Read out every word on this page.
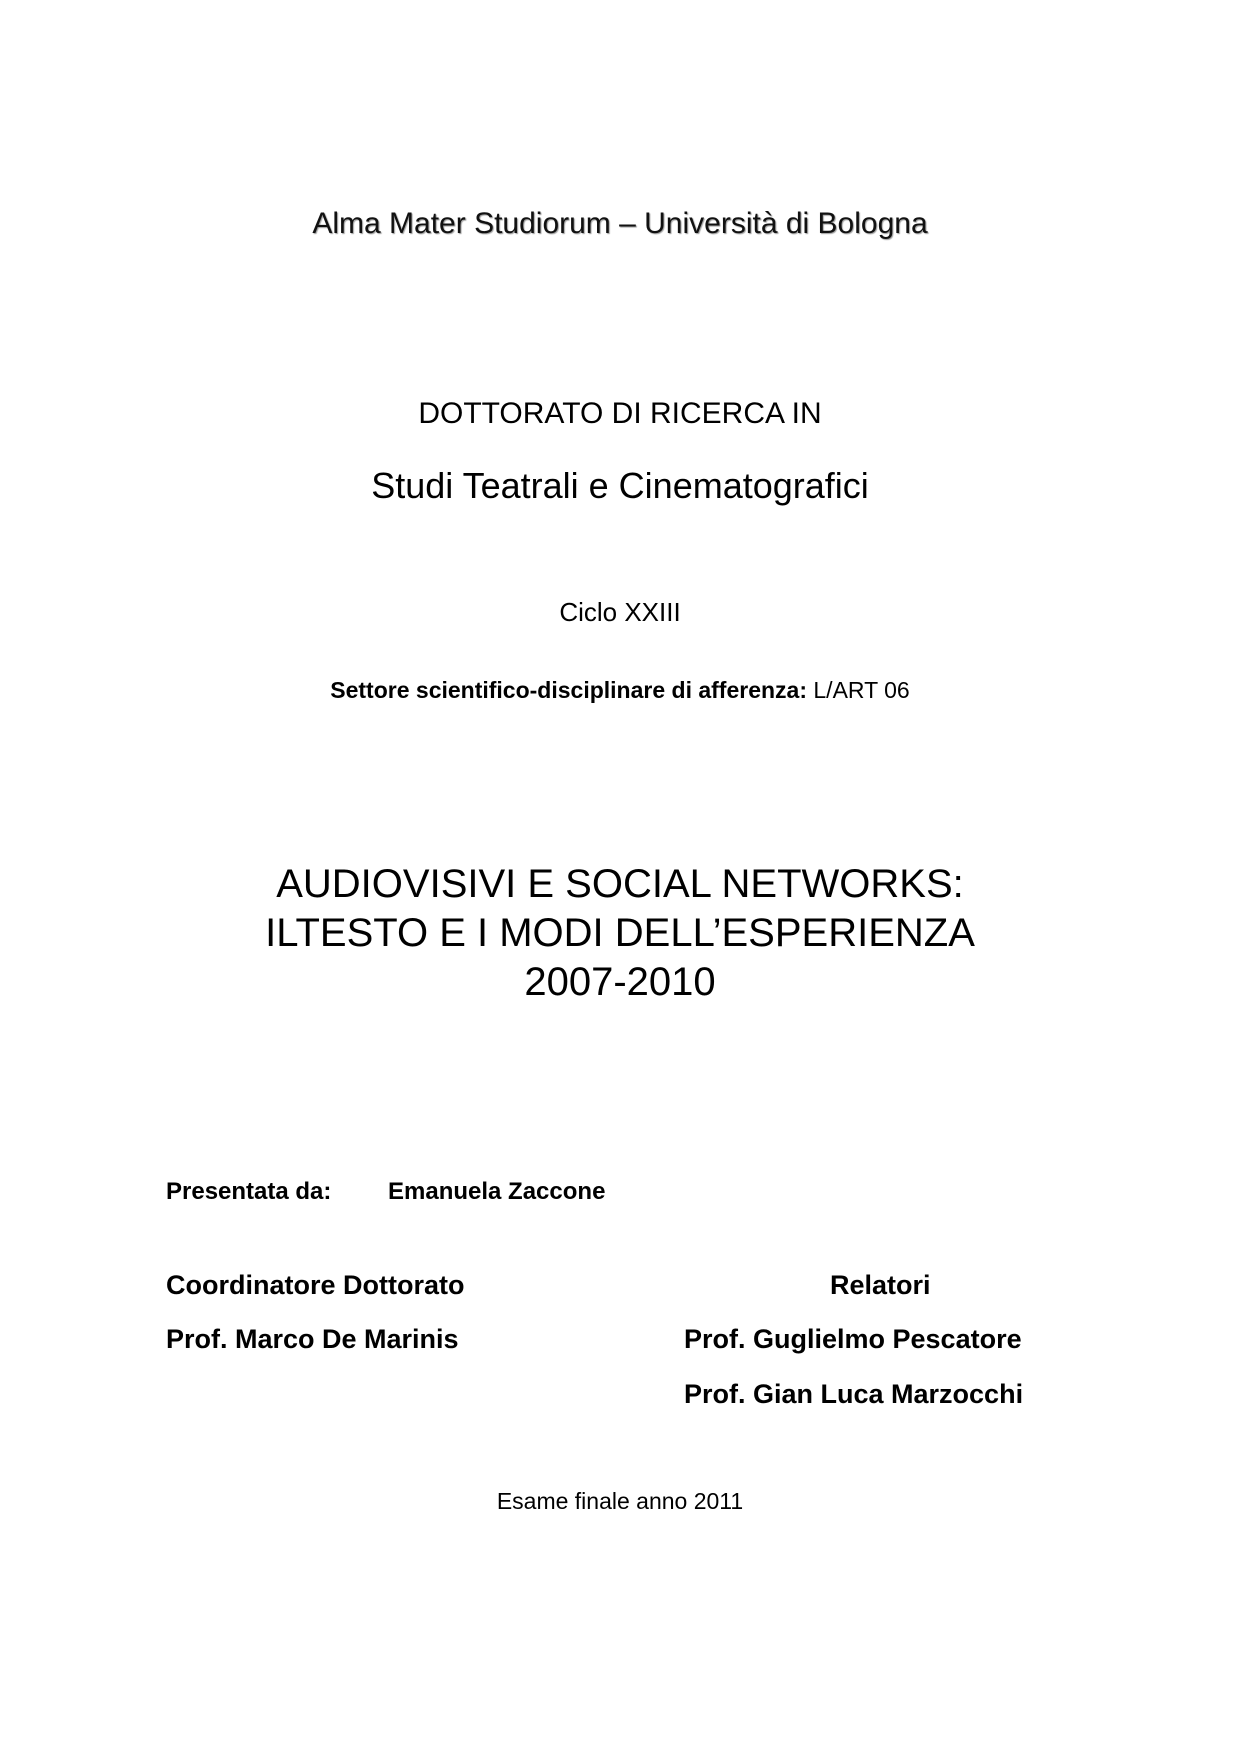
Alma Mater Studiorum – Università di Bologna
DOTTORATO DI RICERCA IN
Studi Teatrali e Cinematografici
Ciclo XXIII
Settore scientifico-disciplinare di afferenza: L/ART 06
AUDIOVISIVI E SOCIAL NETWORKS:
ILTESTO E I MODI DELL’ESPERIENZA
2007-2010
Presentata da: Emanuela Zaccone
Coordinatore Dottorato
Prof. Marco De Marinis
Relatori
Prof. Guglielmo Pescatore
Prof. Gian Luca Marzocchi
Esame finale anno 2011
